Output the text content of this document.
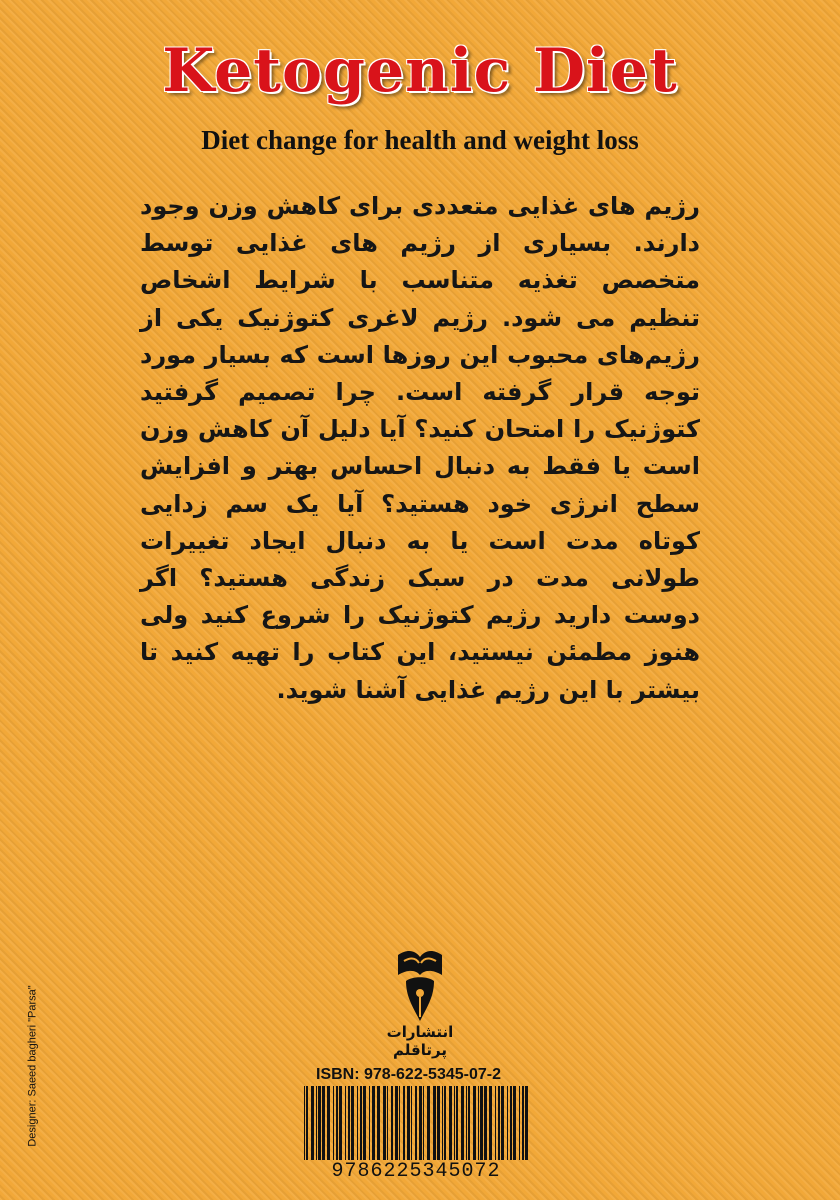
Ketogenic Diet
Diet change for health and weight loss

رژیم های غذایی متعددی برای کاهش وزن وجود دارند. بسیاری از رژیم های غذایی توسط متخصص تغذیه متناسب با شرایط اشخاص تنظیم می شود. رژیم لاغری کتوژنیک یکی از رژیم‌های محبوب این روزها است که بسیار مورد توجه قرار گرفته است. چرا تصمیم گرفتید کتوژنیک را امتحان کنید؟ آیا دلیل آن کاهش وزن است یا فقط به دنبال احساس بهتر و افزایش سطح انرژی خود هستید؟ آیا یک سم زدایی کوتاه مدت است یا به دنبال ایجاد تغییرات طولانی مدت در سبک زندگی هستید؟ اگر دوست دارید رژیم کتوژنیک را شروع کنید ولی هنوز مطمئن نیستید، این کتاب را تهیه کنید تا بیشتر با این رژیم غذایی آشنا شوید.

انتشارات پرتاقلم
ISBN: 978-622-5345-07-2
9786225345072
Designer: Saeed bagheri "Parsa"
